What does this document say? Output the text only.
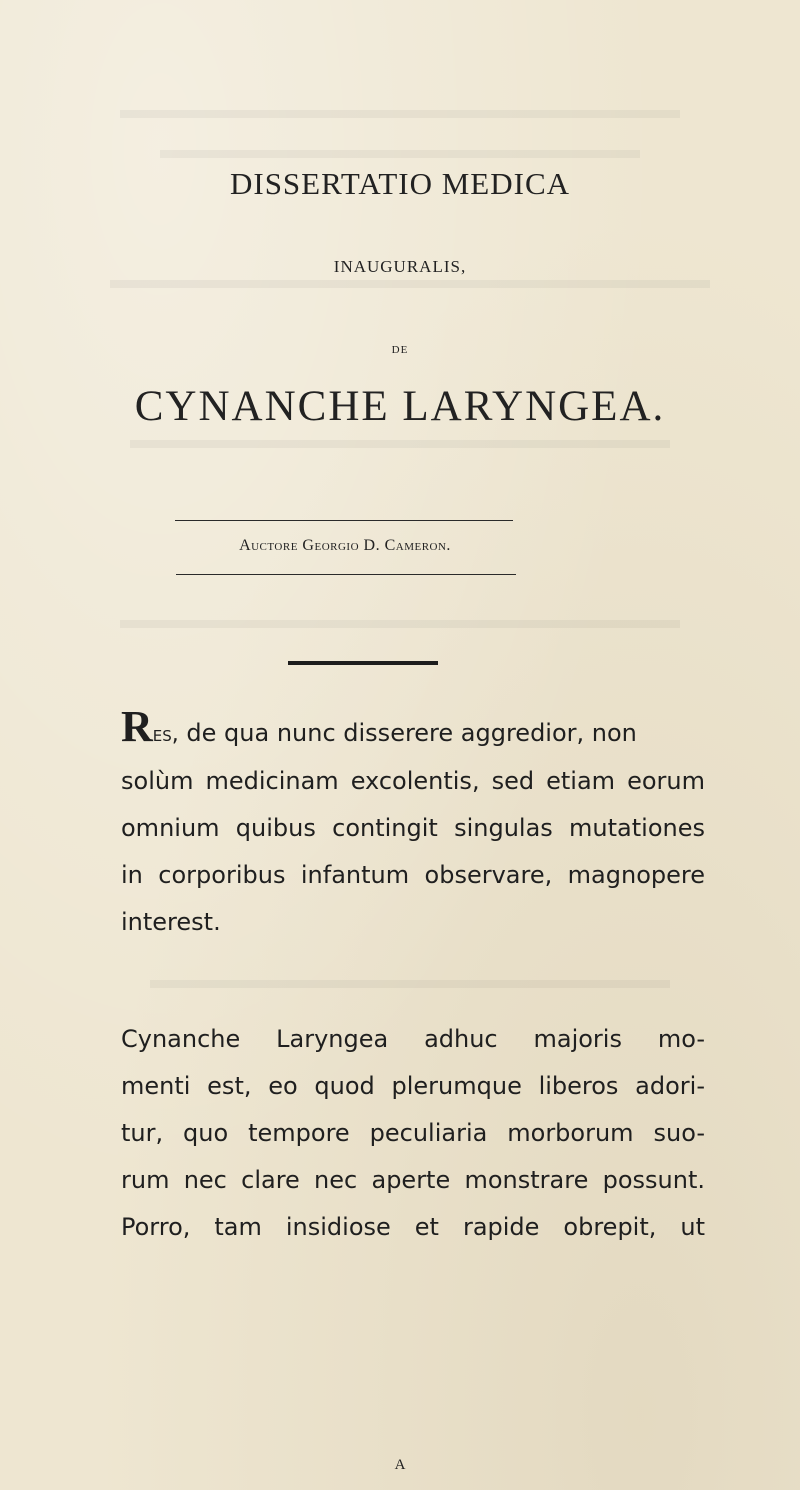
DISSERTATIO MEDICA
INAUGURALIS,
DE
CYNANCHE LARYNGEA.
Auctore Georgio D. Cameron.
Res, de qua nunc disserere aggredior, non
solùm medicinam excolentis, sed etiam eorum
omnium quibus contingit singulas mutationes
in corporibus infantum observare, magnopere
interest.
Cynanche Laryngea adhuc majoris mo-
menti est, eo quod plerumque liberos adori-
tur, quo tempore peculiaria morborum suo-
rum nec clare nec aperte monstrare possunt.
Porro, tam insidiose et rapide obrepit, ut
A
